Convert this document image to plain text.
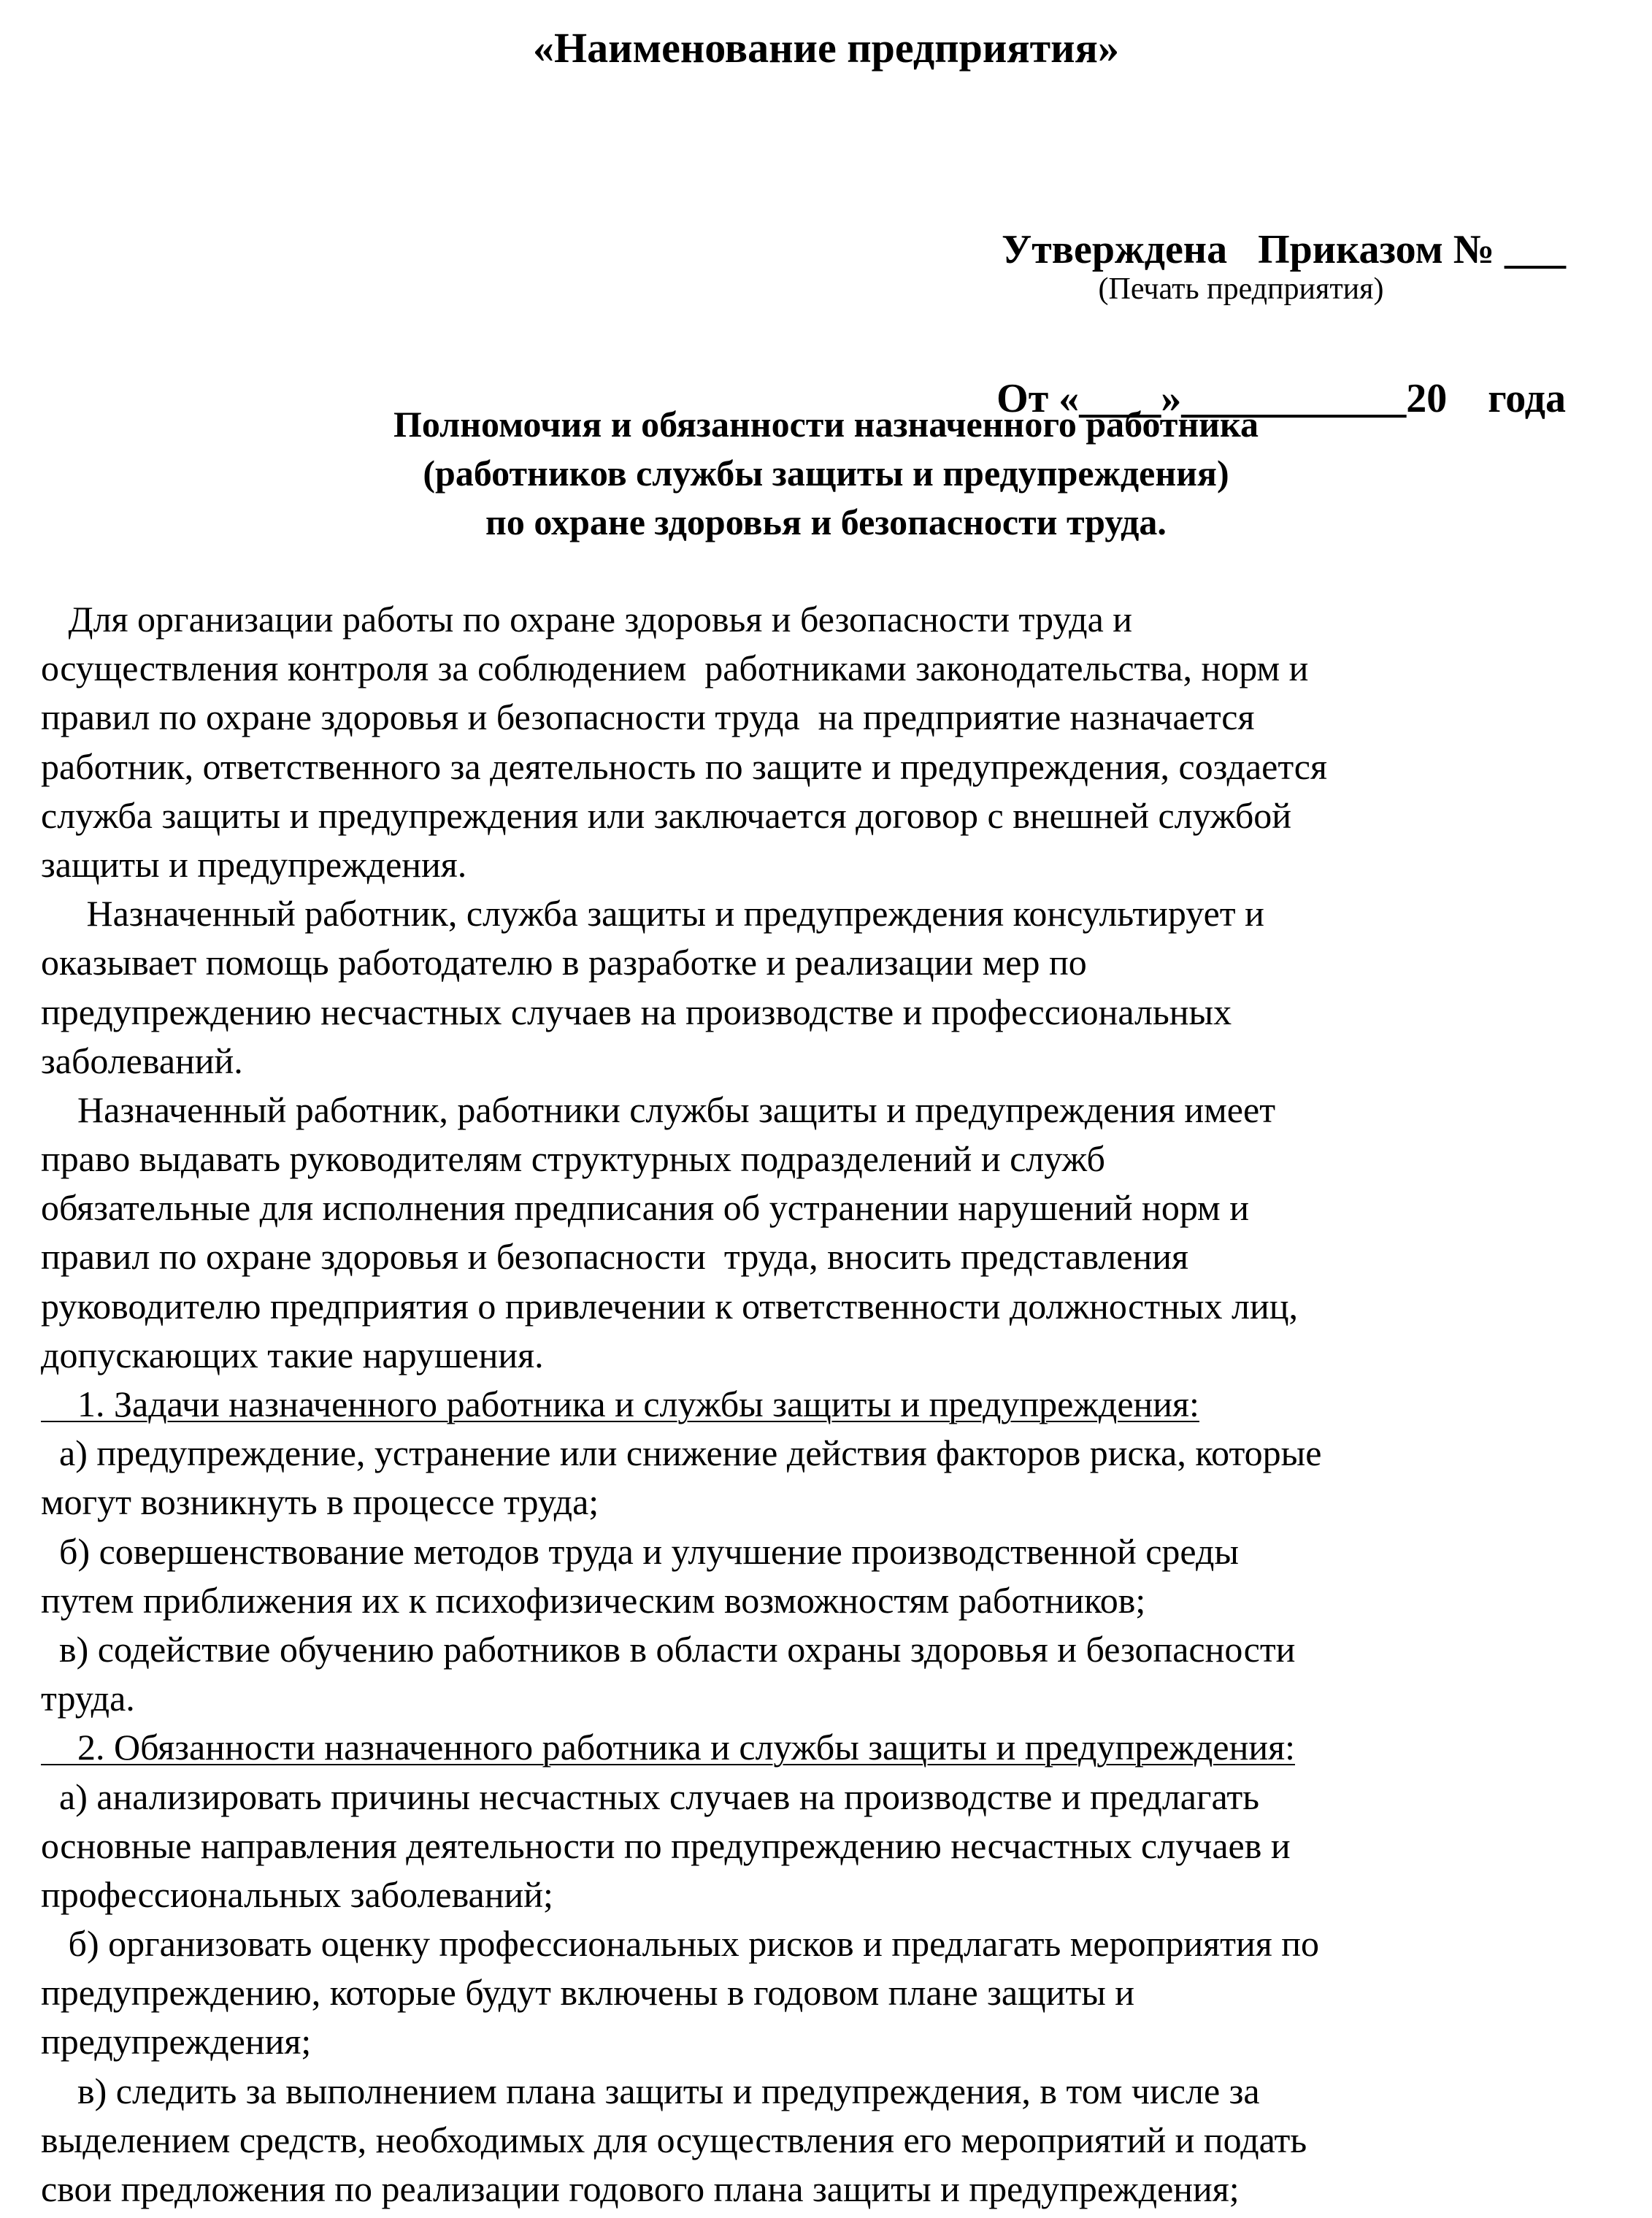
«Наименование предприятия»

Утверждена   Приказом № ___

От «____»___________20    года

(Печать предприятия)
Полномочия и обязанности назначенного работника
(работников службы защиты и предупреждения)
по охране здоровья и безопасности труда.
Для организации работы по охране здоровья и безопасности труда и
осуществления контроля за соблюдением  работниками законодательства, норм и
правил по охране здоровья и безопасности труда  на предприятие назначается
работник, ответственного за деятельность по защите и предупреждения, создается
служба защиты и предупреждения или заключается договор с внешней службой
защиты и предупреждения.
Назначенный работник, служба защиты и предупреждения консультирует и
оказывает помощь работодателю в разработке и реализации мер по
предупреждению несчастных случаев на производстве и профессиональных
заболеваний.
Назначенный работник, работники службы защиты и предупреждения имеет
право выдавать руководителям структурных подразделений и служб
обязательные для исполнения предписания об устранении нарушений норм и
правил по охране здоровья и безопасности  труда, вносить представления
руководителю предприятия о привлечении к ответственности должностных лиц,
допускающих такие нарушения.
1. Задачи назначенного работника и службы защиты и предупреждения:
а) предупреждение, устранение или снижение действия факторов риска, которые
могут возникнуть в процессе труда;
б) совершенствование методов труда и улучшение производственной среды
путем приближения их к психофизическим возможностям работников;
в) содействие обучению работников в области охраны здоровья и безопасности
труда.
2. Обязанности назначенного работника и службы защиты и предупреждения:
а) анализировать причины несчастных случаев на производстве и предлагать
основные направления деятельности по предупреждению несчастных случаев и
профессиональных заболеваний;
б) организовать оценку профессиональных рисков и предлагать мероприятия по
предупреждению, которые будут включены в годовом плане защиты и
предупреждения;
в) следить за выполнением плана защиты и предупреждения, в том числе за
выделением средств, необходимых для осуществления его мероприятий и подать
свои предложения по реализации годового плана защиты и предупреждения;
